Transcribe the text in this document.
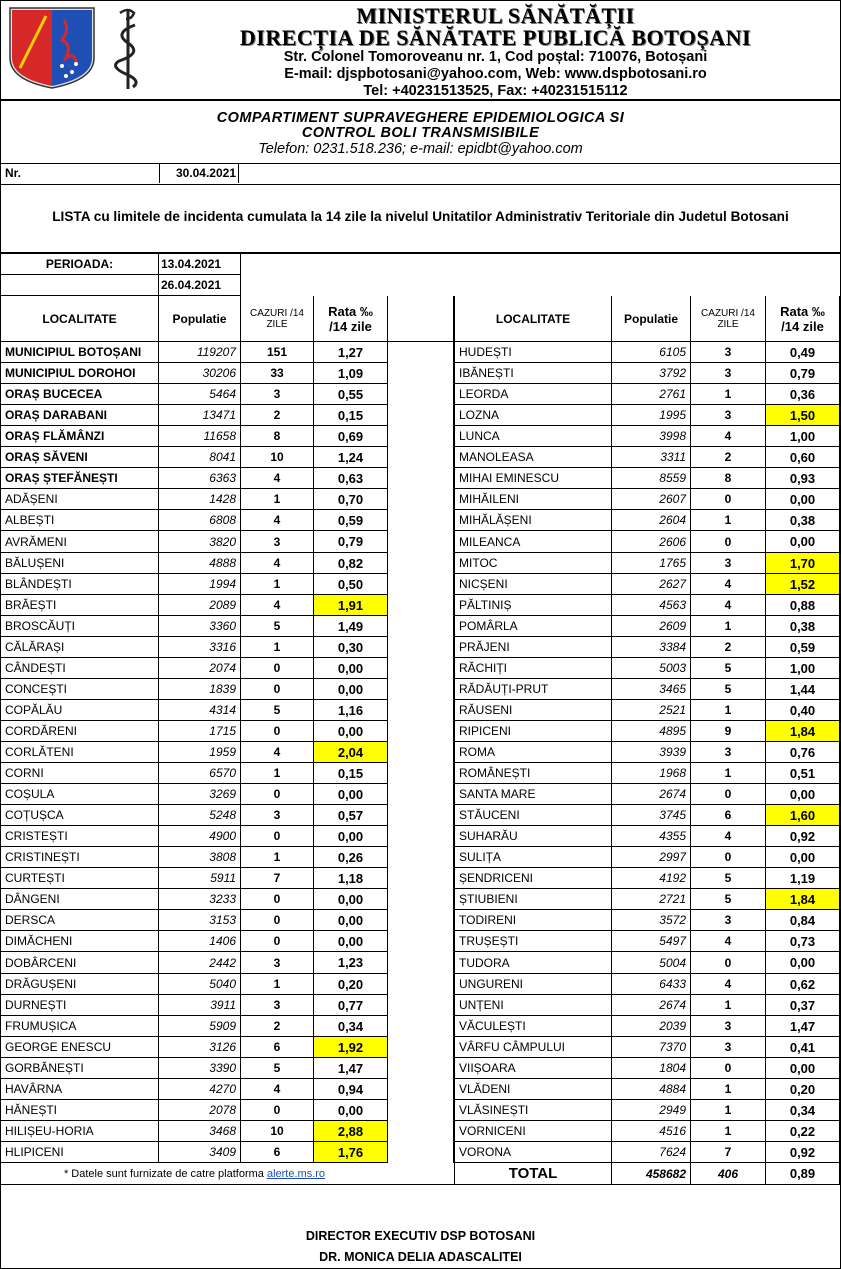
MINISTERUL SĂNĂTĂȚII
DIRECȚIA DE SĂNĂTATE PUBLICĂ BOTOȘANI
Str. Colonel Tomoroveanu nr. 1, Cod poștal: 710076, Botoșani
E-mail: djspbotosani@yahoo.com, Web: www.dspbotosani.ro
Tel: +40231513525, Fax: +40231515112
COMPARTIMENT SUPRAVEGHERE EPIDEMIOLOGICA SI
CONTROL BOLI TRANSMISIBILE
Telefon: 0231.518.236; e-mail: epidbt@yahoo.com
Nr.	30.04.2021
LISTA cu limitele de incidenta cumulata la 14 zile la nivelul Unitatilor Administrativ Teritoriale din Judetul Botosani
PERIOADA:	13.04.2021
26.04.2021
LOCALITATE	Populatie	CAZURI /14
ZILE
Rata ‰
/14 zile	LOCALITATE	Populatie	CAZURI /14
ZILE
Rata ‰
/14 zile
MUNICIPIUL BOTOȘANI	119207	151	1,27
MUNICIPIUL DOROHOI	30206	33	1,09
ORAȘ BUCECEA	5464	3	0,55
ORAȘ DARABANI	13471	2	0,15
ORAȘ FLĂMÂNZI	11658	8	0,69
ORAȘ SĂVENI	8041	10	1,24
ORAȘ ȘTEFĂNEȘTI	6363	4	0,63
ADĂȘENI	1428	1	0,70
ALBEȘTI	6808	4	0,59
AVRĂMENI	3820	3	0,79
BĂLUȘENI	4888	4	0,82
BLÂNDEȘTI	1994	1	0,50
BRĂEȘTI	2089	4	1,91
BROSCĂUȚI	3360	5	1,49
CĂLĂRAȘI	3316	1	0,30
CÂNDEȘTI	2074	0	0,00
CONCEȘTI	1839	0	0,00
COPĂLĂU	4314	5	1,16
CORDĂRENI	1715	0	0,00
CORLĂTENI	1959	4	2,04
CORNI	6570	1	0,15
COȘULA	3269	0	0,00
COȚUȘCA	5248	3	0,57
CRISTEȘTI	4900	0	0,00
CRISTINEȘTI	3808	1	0,26
CURTEȘTI	5911	7	1,18
DÂNGENI	3233	0	0,00
DERSCA	3153	0	0,00
DIMĂCHENI	1406	0	0,00
DOBÂRCENI	2442	3	1,23
DRĂGUȘENI	5040	1	0,20
DURNEȘTI	3911	3	0,77
FRUMUȘICA	5909	2	0,34
GEORGE ENESCU	3126	6	1,92
GORBĂNEȘTI	3390	5	1,47
HAVÂRNA	4270	4	0,94
HĂNEȘTI	2078	0	0,00
HILIȘEU-HORIA	3468	10	2,88
HLIPICENI	3409	6	1,76
HUDEȘTI	6105	3	0,49
IBĂNEȘTI	3792	3	0,79
LEORDA	2761	1	0,36
LOZNA	1995	3	1,50
LUNCA	3998	4	1,00
MANOLEASA	3311	2	0,60
MIHAI EMINESCU	8559	8	0,93
MIHĂILENI	2607	0	0,00
MIHĂLĂȘENI	2604	1	0,38
MILEANCA	2606	0	0,00
MITOC	1765	3	1,70
NICȘENI	2627	4	1,52
PĂLTINIȘ	4563	4	0,88
POMÂRLA	2609	1	0,38
PRĂJENI	3384	2	0,59
RĂCHIȚI	5003	5	1,00
RĂDĂUȚI-PRUT	3465	5	1,44
RĂUSENI	2521	1	0,40
RIPICENI	4895	9	1,84
ROMA	3939	3	0,76
ROMÂNEȘTI	1968	1	0,51
SANTA MARE	2674	0	0,00
STĂUCENI	3745	6	1,60
SUHARĂU	4355	4	0,92
SULIȚA	2997	0	0,00
ȘENDRICENI	4192	5	1,19
ȘTIUBIENI	2721	5	1,84
TODIRENI	3572	3	0,84
TRUȘEȘTI	5497	4	0,73
TUDORA	5004	0	0,00
UNGURENI	6433	4	0,62
UNȚENI	2674	1	0,37
VĂCULEȘTI	2039	3	1,47
VÂRFU CÂMPULUI	7370	3	0,41
VIIȘOARA	1804	0	0,00
VLĂDENI	4884	1	0,20
VLĂSINEȘTI	2949	1	0,34
VORNICENI	4516	1	0,22
VORONA	7624	7	0,92
* Datele sunt furnizate de catre platforma alerte.ms.ro	TOTAL	458682	406	0,89
DIRECTOR EXECUTIV DSP BOTOSANI
DR. MONICA DELIA ADASCALITEI
